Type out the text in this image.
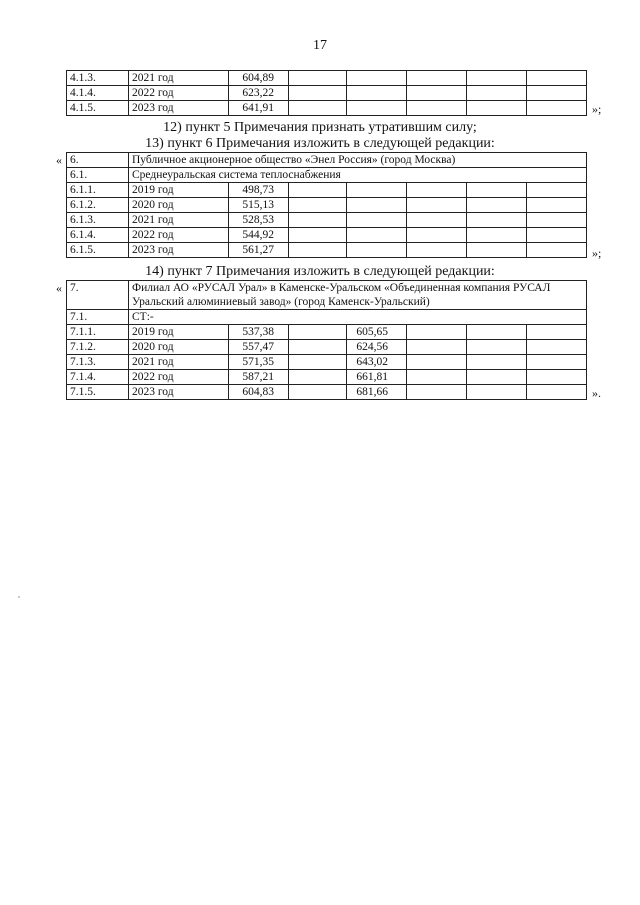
17
4.1.3.	2021 год	604,89					
4.1.4.	2022 год	623,22					
4.1.5.	2023 год	641,91						»;
12) пункт 5 Примечания признать утратившим силу;
13) пункт 6 Примечания изложить в следующей редакции:
« 6.	Публичное акционерное общество «Энел Россия» (город Москва)						
6.1.	Среднеуральская система теплоснабжения						
6.1.1.	2019 год	498,73					
6.1.2.	2020 год	515,13					
6.1.3.	2021 год	528,53					
6.1.4.	2022 год	544,92					
6.1.5.	2023 год	561,27						»;
14) пункт 7 Примечания изложить в следующей редакции:
« 7.	Филиал АО «РУСАЛ Урал» в Каменске-Уральском «Объединенная компания РУСАЛ Уральский алюминиевый завод» (город Каменск-Уральский)						
7.1.	СТ:-						
7.1.1.	2019 год	537,38		605,65			
7.1.2.	2020 год	557,47		624,56			
7.1.3.	2021 год	571,35		643,02			
7.1.4.	2022 год	587,21		661,81			
7.1.5.	2023 год	604,83		681,66				».
